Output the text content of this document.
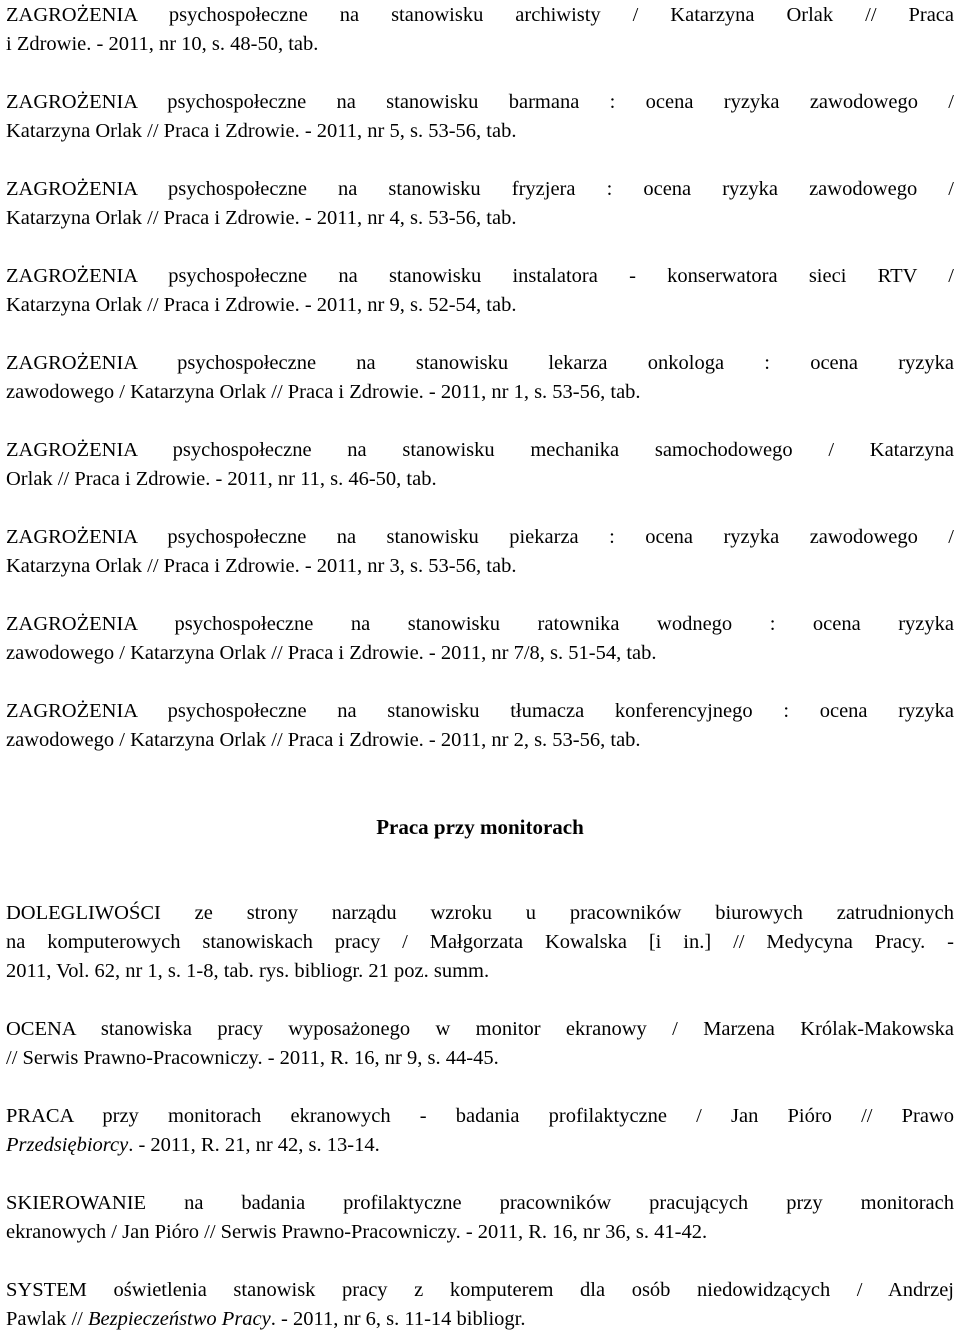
ZAGROŻENIA psychospołeczne na stanowisku archiwisty / Katarzyna Orlak // Praca
i Zdrowie. - 2011, nr 10, s. 48-50, tab.

ZAGROŻENIA psychospołeczne na stanowisku barmana : ocena ryzyka zawodowego /
Katarzyna Orlak // Praca i Zdrowie. - 2011, nr 5, s. 53-56, tab.

ZAGROŻENIA psychospołeczne na stanowisku fryzjera : ocena ryzyka zawodowego /
Katarzyna Orlak // Praca i Zdrowie. - 2011, nr 4, s. 53-56, tab.

ZAGROŻENIA psychospołeczne na stanowisku instalatora - konserwatora sieci RTV /
Katarzyna Orlak // Praca i Zdrowie. - 2011, nr 9, s. 52-54, tab.

ZAGROŻENIA psychospołeczne na stanowisku lekarza onkologa : ocena ryzyka
zawodowego / Katarzyna Orlak // Praca i Zdrowie. - 2011, nr 1, s. 53-56, tab.

ZAGROŻENIA psychospołeczne na stanowisku mechanika samochodowego / Katarzyna
Orlak // Praca i Zdrowie. - 2011, nr 11, s. 46-50, tab.

ZAGROŻENIA psychospołeczne na stanowisku piekarza : ocena ryzyka zawodowego /
Katarzyna Orlak // Praca i Zdrowie. - 2011, nr 3, s. 53-56, tab.

ZAGROŻENIA psychospołeczne na stanowisku ratownika wodnego : ocena ryzyka
zawodowego / Katarzyna Orlak // Praca i Zdrowie. - 2011, nr 7/8, s. 51-54, tab.

ZAGROŻENIA psychospołeczne na stanowisku tłumacza konferencyjnego : ocena ryzyka
zawodowego / Katarzyna Orlak // Praca i Zdrowie. - 2011, nr 2, s. 53-56, tab.

Praca przy monitorach

DOLEGLIWOŚCI ze strony narządu wzroku u pracowników biurowych zatrudnionych
na komputerowych stanowiskach pracy / Małgorzata Kowalska [i in.] // Medycyna Pracy. -
2011, Vol. 62, nr 1, s. 1-8, tab. rys. bibliogr. 21 poz. summ.

OCENA stanowiska pracy wyposażonego w monitor ekranowy / Marzena Królak-Makowska
// Serwis Prawno-Pracowniczy. - 2011, R. 16, nr 9, s. 44-45.

PRACA przy monitorach ekranowych - badania profilaktyczne / Jan Pióro // Prawo
Przedsiębiorcy. - 2011, R. 21, nr 42, s. 13-14.

SKIEROWANIE na badania profilaktyczne pracowników pracujących przy monitorach
ekranowych / Jan Pióro // Serwis Prawno-Pracowniczy. - 2011, R. 16, nr 36, s. 41-42.

SYSTEM oświetlenia stanowisk pracy z komputerem dla osób niedowidzących / Andrzej
Pawlak // Bezpieczeństwo Pracy. - 2011, nr 6, s. 11-14 bibliogr.
